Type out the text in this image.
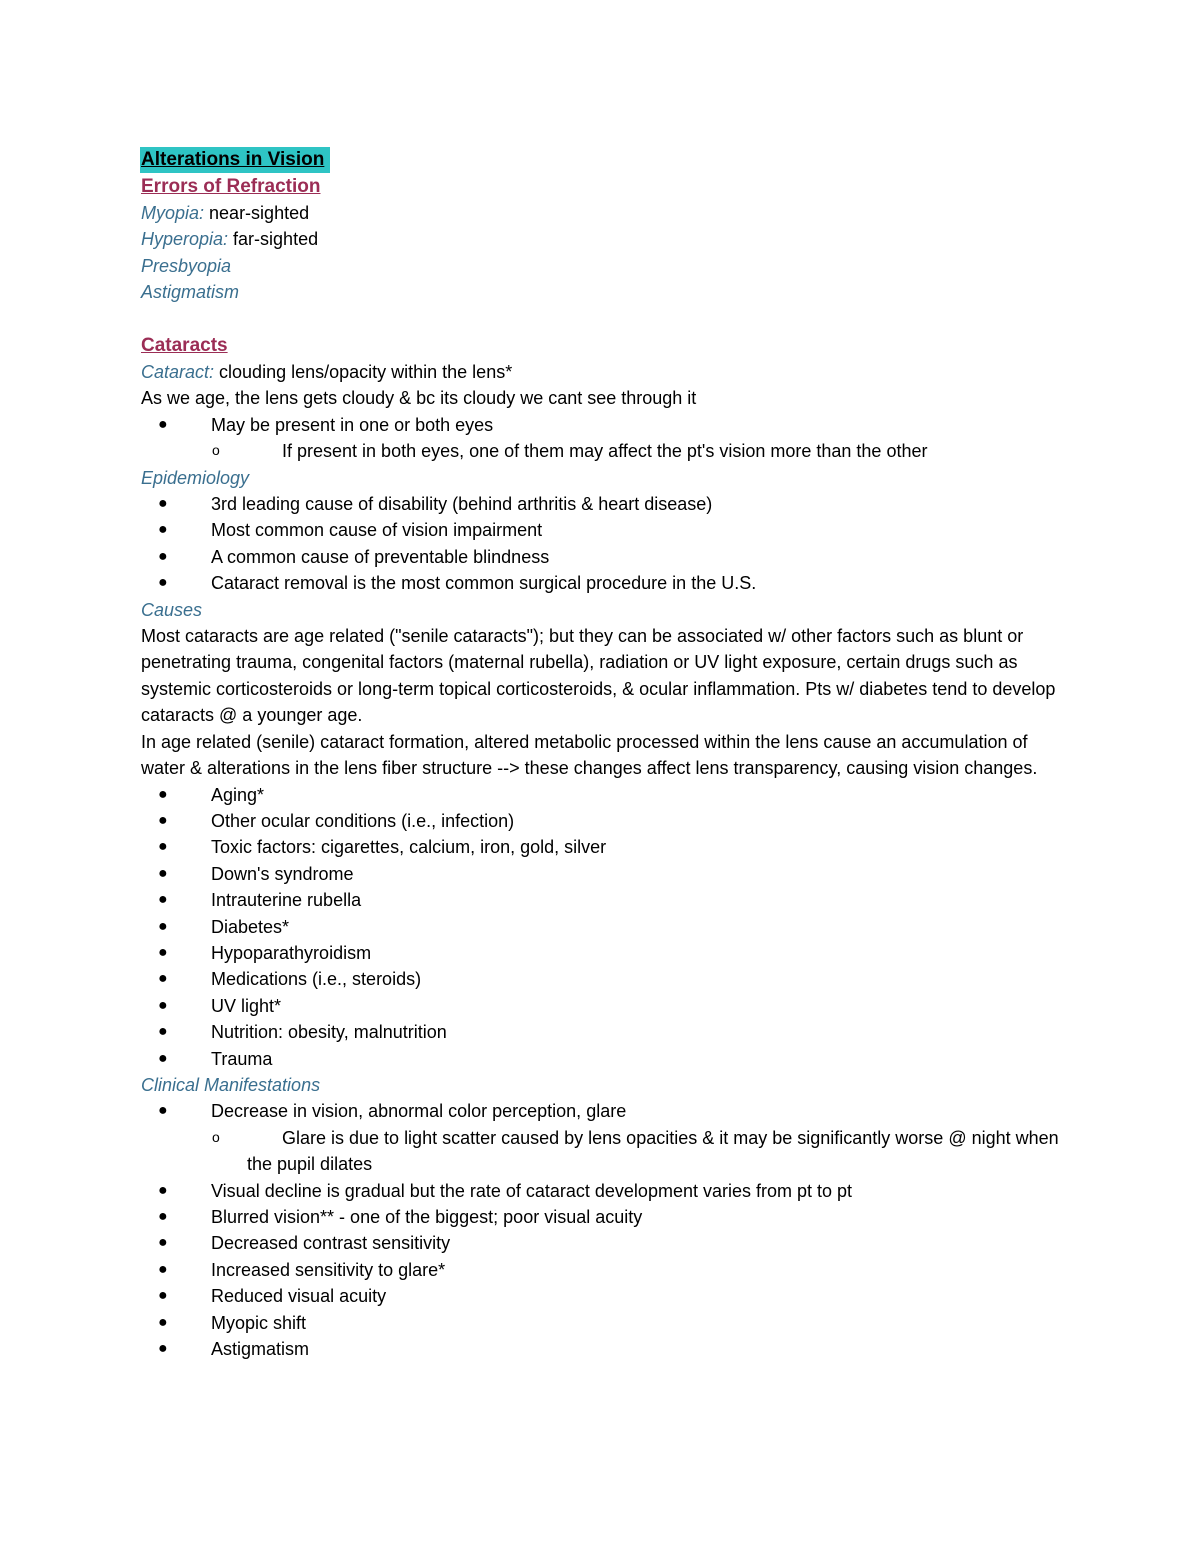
Alterations in Vision
Errors of Refraction
Myopia: near-sighted
Hyperopia: far-sighted
Presbyopia
Astigmatism
Cataracts
Cataract: clouding lens/opacity within the lens*
As we age, the lens gets cloudy & bc its cloudy we cant see through it
● May be present in one or both eyes
o	If present in both eyes, one of them may affect the pt's vision more than the other
Epidemiology
● 3rd leading cause of disability (behind arthritis & heart disease)
● Most common cause of vision impairment
● A common cause of preventable blindness
● Cataract removal is the most common surgical procedure in the U.S.
Causes

Most cataracts are age related ("senile cataracts"); but they can be associated w/ other factors such as blunt or penetrating trauma, congenital factors (maternal rubella), radiation or UV light exposure, certain drugs such as systemic corticosteroids or long-term topical corticosteroids, & ocular inflammation. Pts w/ diabetes tend to develop cataracts @ a younger age.

In age related (senile) cataract formation, altered metabolic processed within the lens cause an accumulation of water & alterations in the lens fiber structure --> these changes affect lens transparency, causing vision changes.

● Aging*
● Other ocular conditions (i.e., infection)
● Toxic factors: cigarettes, calcium, iron, gold, silver
● Down's syndrome
● Intrauterine rubella
● Diabetes*
● Hypoparathyroidism
● Medications (i.e., steroids)
● UV light*
● Nutrition: obesity, malnutrition
● Trauma
Clinical Manifestations
● Decrease in vision, abnormal color perception, glare
o	Glare is due to light scatter caused by lens opacities & it may be significantly worse @ night when the pupil dilates
● Visual decline is gradual but the rate of cataract development varies from pt to pt
● Blurred vision** - one of the biggest; poor visual acuity
● Decreased contrast sensitivity
● Increased sensitivity to glare*
● Reduced visual acuity
● Myopic shift
● Astigmatism
